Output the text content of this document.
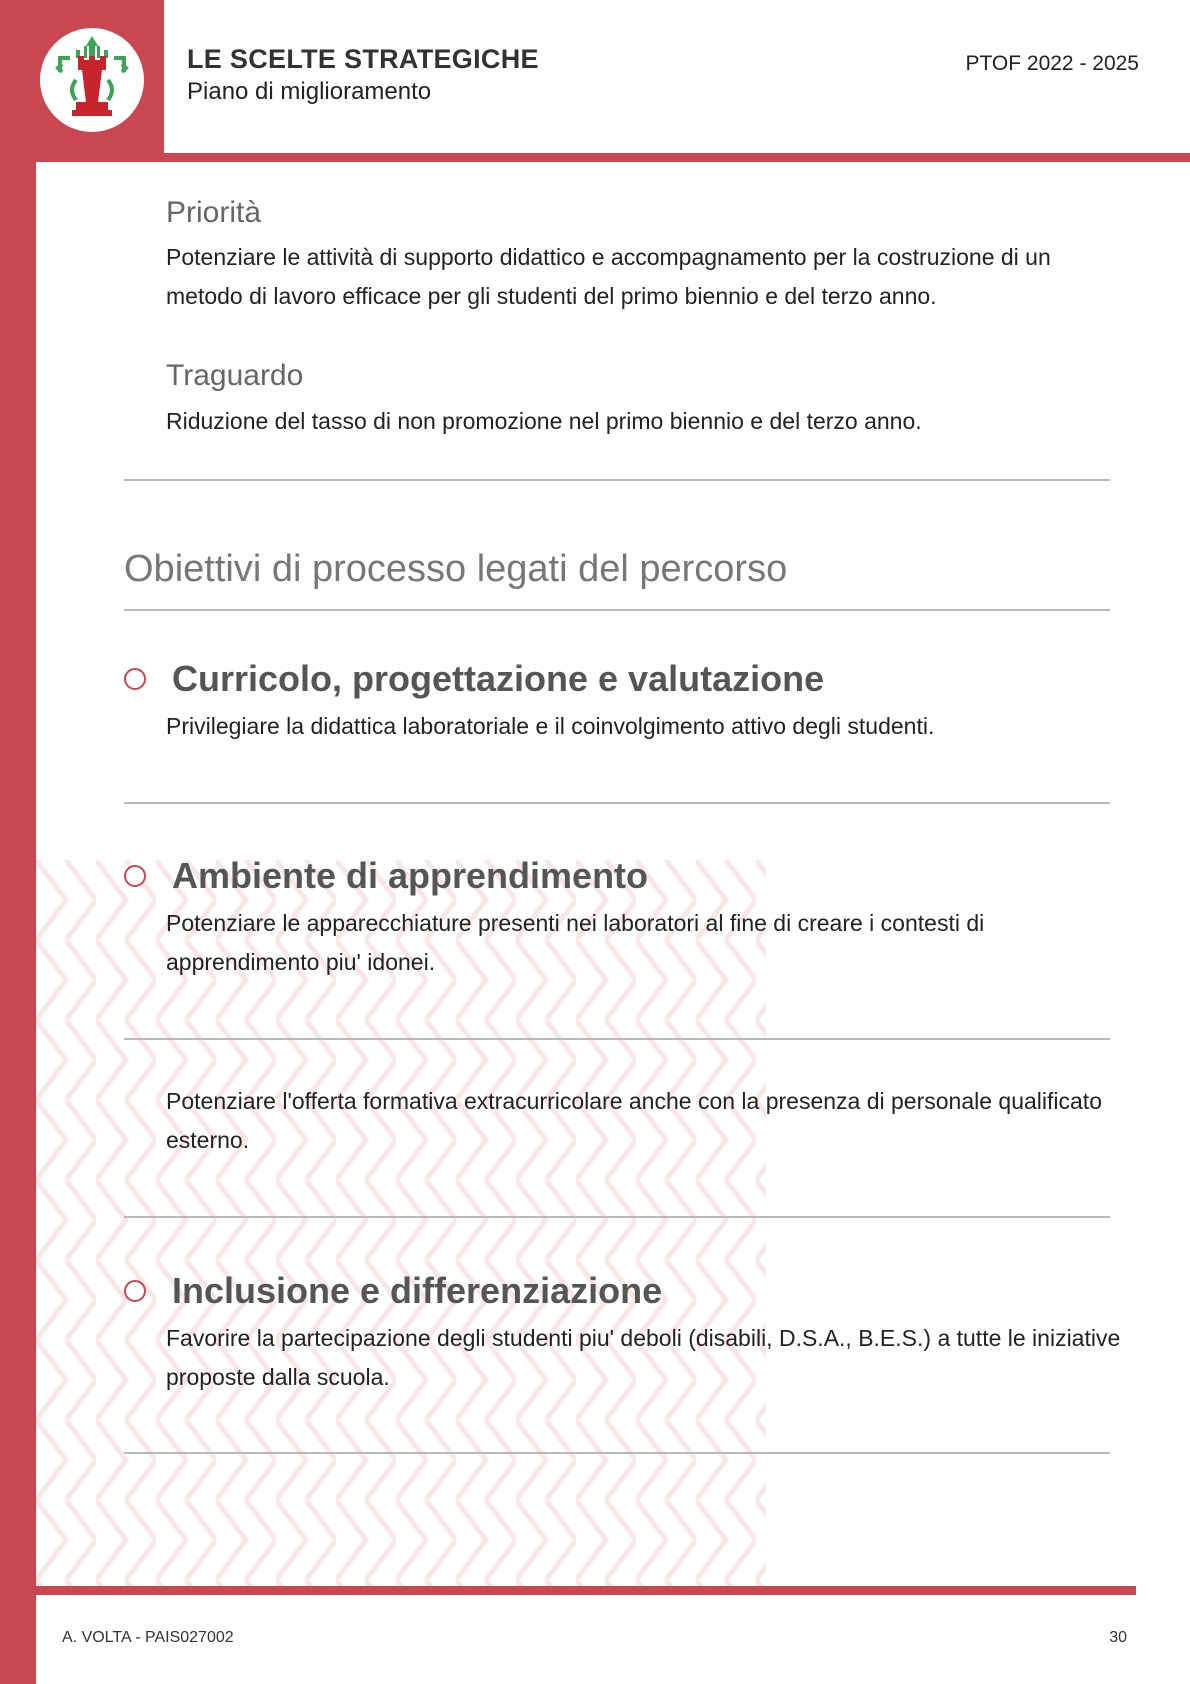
LE SCELTE STRATEGICHE
Piano di miglioramento
PTOF 2022 - 2025
Priorità
Potenziare le attività di supporto didattico e accompagnamento per la costruzione di un metodo di lavoro efficace per gli studenti del primo biennio e del terzo anno.
Traguardo
Riduzione del tasso di non promozione nel primo biennio e del terzo anno.
Obiettivi di processo legati del percorso
Curricolo, progettazione e valutazione
Privilegiare la didattica laboratoriale e il coinvolgimento attivo degli studenti.
Ambiente di apprendimento
Potenziare le apparecchiature presenti nei laboratori al fine di creare i contesti di apprendimento piu' idonei.
Potenziare l'offerta formativa extracurricolare anche con la presenza di personale qualificato esterno.
Inclusione e differenziazione
Favorire la partecipazione degli studenti piu' deboli (disabili, D.S.A., B.E.S.) a tutte le iniziative proposte dalla scuola.
A. VOLTA - PAIS027002	30
